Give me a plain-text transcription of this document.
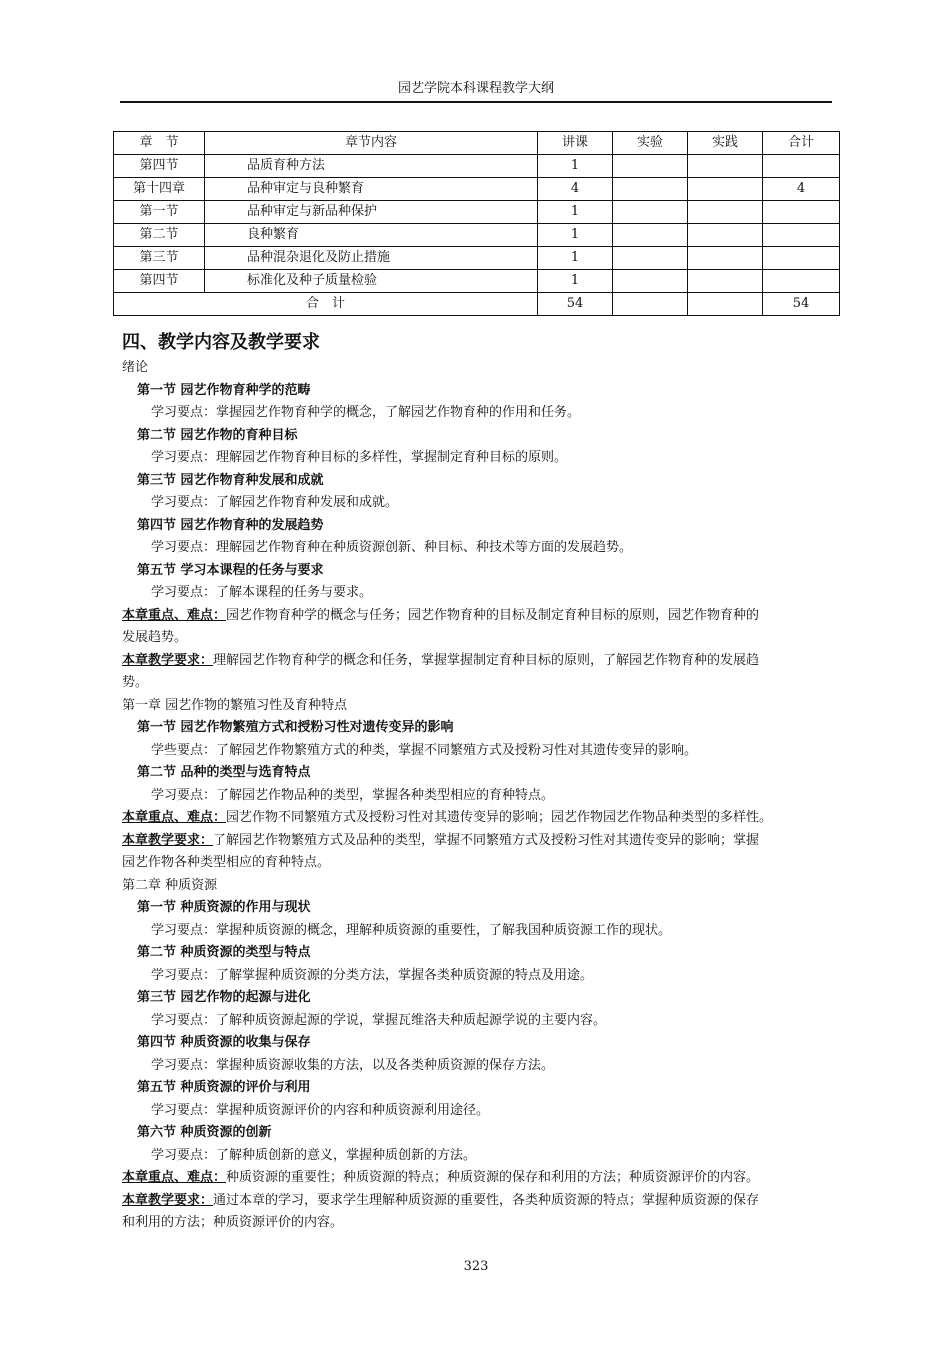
园艺学院本科课程教学大纲
章　节	章节内容	讲课	实验	实践	合计
第四节	品质育种方法	1			
第十四章	品种审定与良种繁育	4			4
第一节	品种审定与新品种保护	1			
第二节	良种繁育	1			
第三节	品种混杂退化及防止措施	1			
第四节	标准化及种子质量检验	1			
合　计		54			54
四、教学内容及教学要求
绪论
第一节 园艺作物育种学的范畴
学习要点：掌握园艺作物育种学的概念，了解园艺作物育种的作用和任务。
第二节 园艺作物的育种目标
学习要点：理解园艺作物育种目标的多样性，掌握制定育种目标的原则。
第三节 园艺作物育种发展和成就
学习要点：了解园艺作物育种发展和成就。
第四节 园艺作物育种的发展趋势
学习要点：理解园艺作物育种在种质资源创新、种目标、种技术等方面的发展趋势。
第五节 学习本课程的任务与要求
学习要点：了解本课程的任务与要求。
本章重点、难点：园艺作物育种学的概念与任务；园艺作物育种的目标及制定育种目标的原则，园艺作物育种的
发展趋势。
本章教学要求：理解园艺作物育种学的概念和任务，掌握掌握制定育种目标的原则，了解园艺作物育种的发展趋
势。
第一章 园艺作物的繁殖习性及育种特点
第一节 园艺作物繁殖方式和授粉习性对遗传变异的影响
学些要点：了解园艺作物繁殖方式的种类，掌握不同繁殖方式及授粉习性对其遗传变异的影响。
第二节 品种的类型与选育特点
学习要点：了解园艺作物品种的类型，掌握各种类型相应的育种特点。
本章重点、难点：园艺作物不同繁殖方式及授粉习性对其遗传变异的影响；园艺作物园艺作物品种类型的多样性。
本章教学要求：了解园艺作物繁殖方式及品种的类型，掌握不同繁殖方式及授粉习性对其遗传变异的影响；掌握
园艺作物各种类型相应的育种特点。
第二章 种质资源
第一节 种质资源的作用与现状
学习要点：掌握种质资源的概念，理解种质资源的重要性，了解我国种质资源工作的现状。
第二节 种质资源的类型与特点
学习要点：了解掌握种质资源的分类方法，掌握各类种质资源的特点及用途。
第三节 园艺作物的起源与进化
学习要点：了解种质资源起源的学说，掌握瓦维洛夫种质起源学说的主要内容。
第四节 种质资源的收集与保存
学习要点：掌握种质资源收集的方法，以及各类种质资源的保存方法。
第五节 种质资源的评价与利用
学习要点：掌握种质资源评价的内容和种质资源利用途径。
第六节 种质资源的创新
学习要点：了解种质创新的意义，掌握种质创新的方法。
本章重点、难点：种质资源的重要性；种质资源的特点；种质资源的保存和利用的方法；种质资源评价的内容。
本章教学要求：通过本章的学习，要求学生理解种质资源的重要性，各类种质资源的特点；掌握种质资源的保存
和利用的方法；种质资源评价的内容。
323
